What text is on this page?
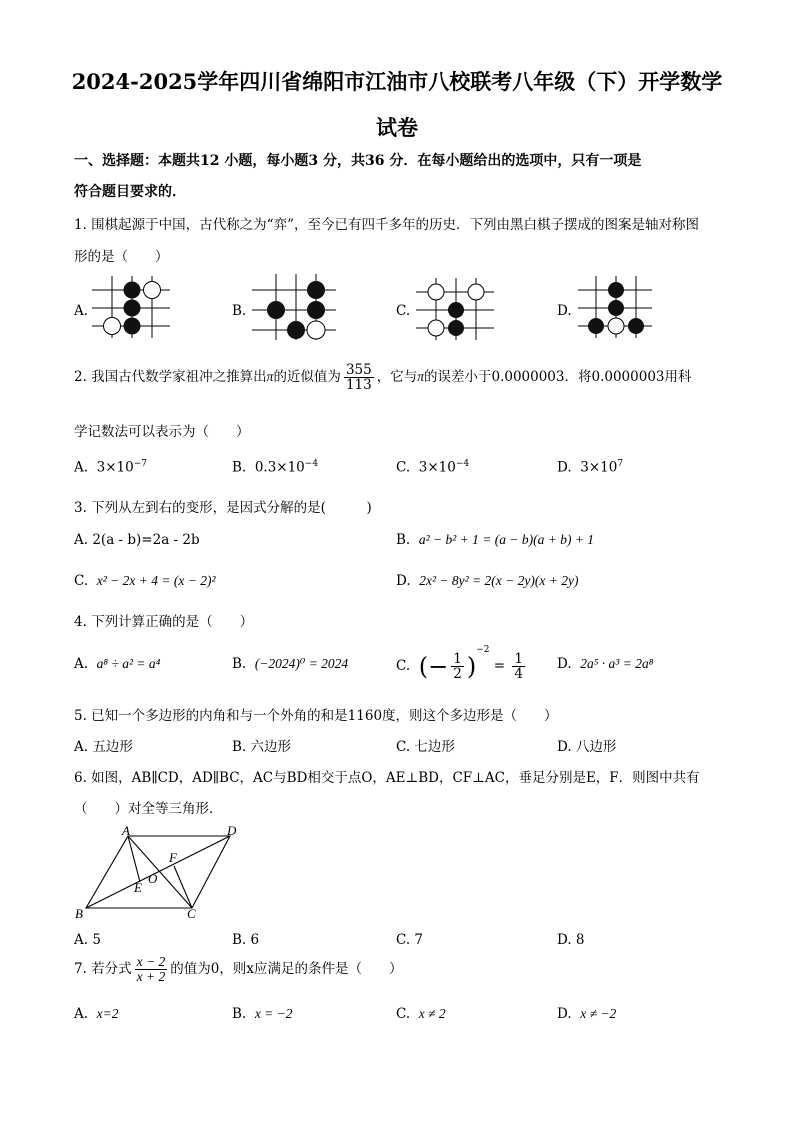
2024-2025学年四川省绵阳市江油市八校联考八年级（下）开学数学
试卷
一、选择题：本题共12 小题，每小题3 分，共36 分．在每小题给出的选项中，只有一项是
符合题目要求的．
1. 围棋起源于中国，古代称之为“弈”，至今已有四千多年的历史．下列由黑白棋子摆成的图案是轴对称图
形的是（　　）
A.	B.	C.	D.
2. 我国古代数学家祖冲之推算出π的近似值为 $\frac{355}{113}$ ，它与π的误差小于0.0000003．将0.0000003用科
学记数法可以表示为（　　）
A. $3\times 10^{-7}$	B. $0.3\times 10^{-4}$	C. $3\times 10^{-4}$	D. $3\times 10^7$
3. 下列从左到右的变形，是因式分解的是(　　　)
A. 2(a - b)=2a - 2b	B. a² − b² + 1 = (a − b)(a + b) + 1
C. x² − 2x + 4 = (x − 2)²	D. 2x² − 8y² = 2(x − 2y)(x + 2y)
4. 下列计算正确的是（　　）
A. a⁸ ÷ a² = a⁴	B. (−2024)⁰ = 2024	C. (− $\frac{1}{2} )^{-2} = \frac{1}{4} D$. 2a⁵ · a³ = 2a⁸
5. 已知一个多边形的内角和与一个外角的和是1160度，则这个多边形是（　　）
A. 五边形	B. 六边形	C. 七边形	D. 八边形
6. 如图，AB∥CD，AD∥BC，AC与BD相交于点O，AE⊥BD，CF⊥AC，垂足分别是E，F．则图中共有
（　　）对全等三角形．
A	D
F
O
E
B	C
A. 5	B. 6	C. 7	D. 8
7. 若分式 $\frac{x - 2}{x + 2}$ 的值为0，则x应满足的条件是（　　）
A. x=2	B. x = −2	C. x ≠ 2	D. x ≠ −2
